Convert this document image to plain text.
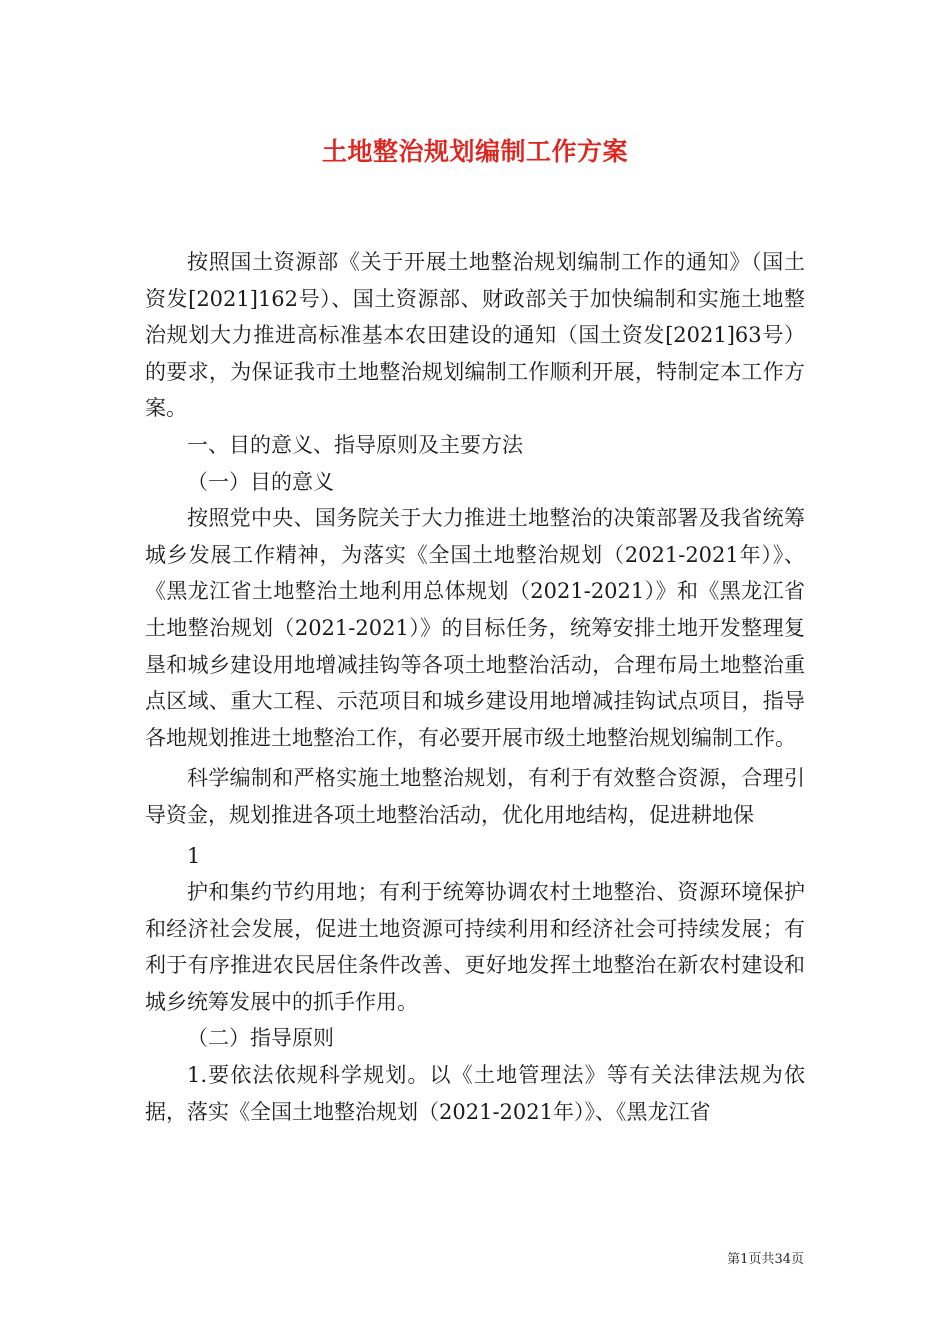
土地整治规划编制工作方案

按照国土资源部《关于开展土地整治规划编制工作的通知》（国土资发[2021]162号）、国土资源部、财政部关于加快编制和实施土地整治规划大力推进高标准基本农田建设的通知（国土资发[2021]63号）的要求，为保证我市土地整治规划编制工作顺利开展，特制定本工作方案。

一、目的意义、指导原则及主要方法

（一）目的意义

按照党中央、国务院关于大力推进土地整治的决策部署及我省统筹城乡发展工作精神，为落实《全国土地整治规划（2021-2021年）》、《黑龙江省土地整治土地利用总体规划（2021-2021）》和《黑龙江省土地整治规划（2021-2021）》的目标任务，统筹安排土地开发整理复垦和城乡建设用地增减挂钩等各项土地整治活动，合理布局土地整治重点区域、重大工程、示范项目和城乡建设用地增减挂钩试点项目，指导各地规划推进土地整治工作，有必要开展市级土地整治规划编制工作。

科学编制和严格实施土地整治规划，有利于有效整合资源，合理引导资金，规划推进各项土地整治活动，优化用地结构，促进耕地保

1

护和集约节约用地；有利于统筹协调农村土地整治、资源环境保护和经济社会发展，促进土地资源可持续利用和经济社会可持续发展；有利于有序推进农民居住条件改善、更好地发挥土地整治在新农村建设和城乡统筹发展中的抓手作用。

（二）指导原则

1.要依法依规科学规划。以《土地管理法》等有关法律法规为依据，落实《全国土地整治规划（2021-2021年）》、《黑龙江省

第1页共34页
